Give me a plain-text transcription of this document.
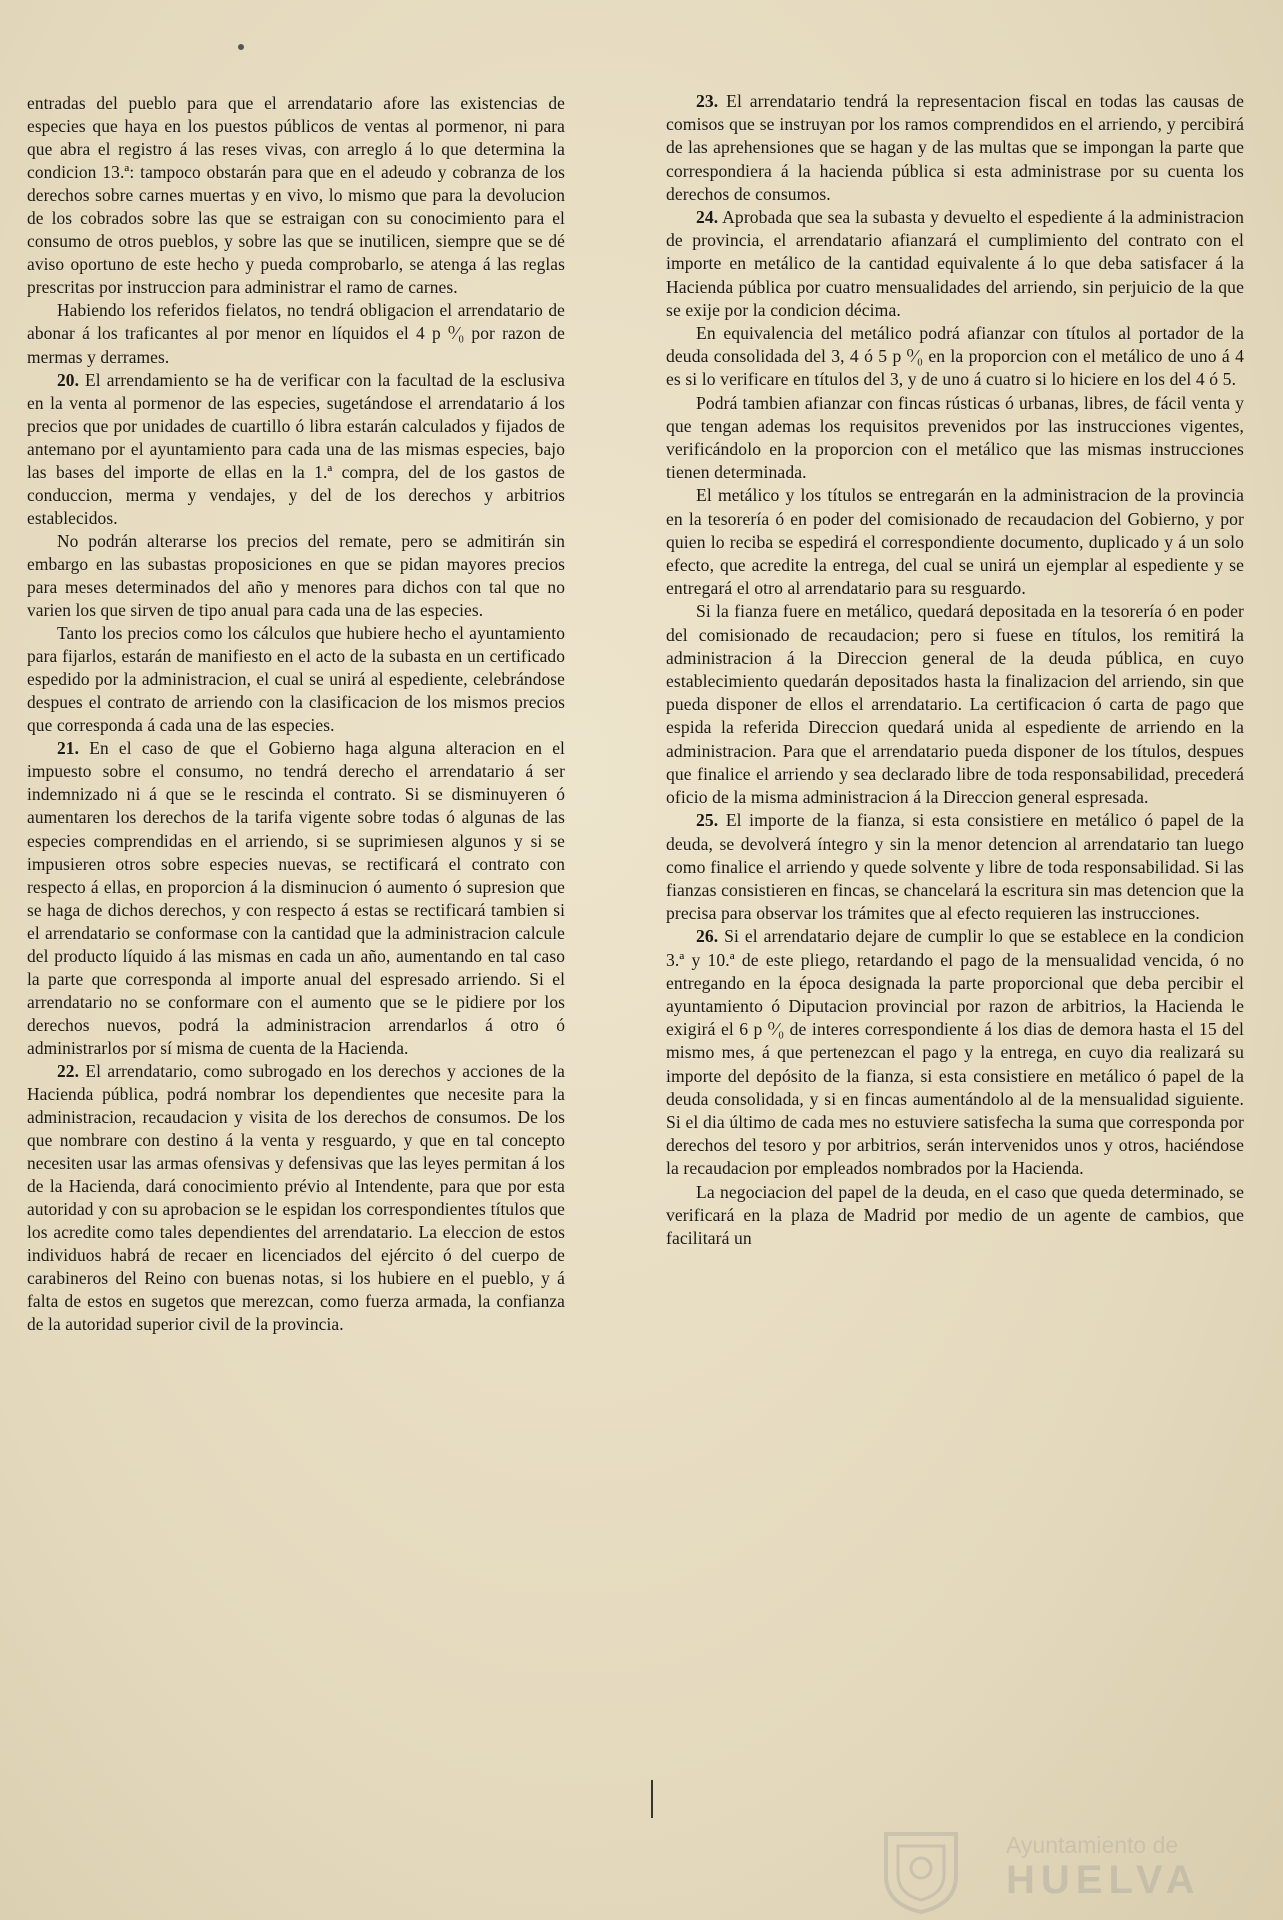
entradas del pueblo para que el arrendatario afore las existencias de especies que haya en los puestos públicos de ventas al pormenor, ni para que abra el registro á las reses vivas, con arreglo á lo que determina la condicion 13.ª: tampoco obstarán para que en el adeudo y cobranza de los derechos sobre carnes muertas y en vivo, lo mismo que para la devolucion de los cobrados sobre las que se estraigan con su conocimiento para el consumo de otros pueblos, y sobre las que se inutilicen, siempre que se dé aviso oportuno de este hecho y pueda comprobarlo, se atenga á las reglas prescritas por instruccion para administrar el ramo de carnes.

Habiendo los referidos fielatos, no tendrá obligacion el arrendatario de abonar á los traficantes al por menor en líquidos el 4 p ⁰⁄₀ por razon de mermas y derrames.

20. El arrendamiento se ha de verificar con la facultad de la esclusiva en la venta al pormenor de las especies, sugetándose el arrendatario á los precios que por unidades de cuartillo ó libra estarán calculados y fijados de antemano por el ayuntamiento para cada una de las mismas especies, bajo las bases del importe de ellas en la 1.ª compra, del de los gastos de conduccion, merma y vendajes, y del de los derechos y arbitrios establecidos.

No podrán alterarse los precios del remate, pero se admitirán sin embargo en las subastas proposiciones en que se pidan mayores precios para meses determinados del año y menores para dichos con tal que no varien los que sirven de tipo anual para cada una de las especies.

Tanto los precios como los cálculos que hubiere hecho el ayuntamiento para fijarlos, estarán de manifiesto en el acto de la subasta en un certificado espedido por la administracion, el cual se unirá al espediente, celebrándose despues el contrato de arriendo con la clasificacion de los mismos precios que corresponda á cada una de las especies.

21. En el caso de que el Gobierno haga alguna alteracion en el impuesto sobre el consumo, no tendrá derecho el arrendatario á ser indemnizado ni á que se le rescinda el contrato. Si se disminuyeren ó aumentaren los derechos de la tarifa vigente sobre todas ó algunas de las especies comprendidas en el arriendo, si se suprimiesen algunos y si se impusieren otros sobre especies nuevas, se rectificará el contrato con respecto á ellas, en proporcion á la disminucion ó aumento ó supresion que se haga de dichos derechos, y con respecto á estas se rectificará tambien si el arrendatario se conformase con la cantidad que la administracion calcule del producto líquido á las mismas en cada un año, aumentando en tal caso la parte que corresponda al importe anual del espresado arriendo. Si el arrendatario no se conformare con el aumento que se le pidiere por los derechos nuevos, podrá la administracion arrendarlos á otro ó administrarlos por sí misma de cuenta de la Hacienda.

22. El arrendatario, como subrogado en los derechos y acciones de la Hacienda pública, podrá nombrar los dependientes que necesite para la administracion, recaudacion y visita de los derechos de consumos. De los que nombrare con destino á la venta y resguardo, y que en tal concepto necesiten usar las armas ofensivas y defensivas que las leyes permitan á los de la Hacienda, dará conocimiento prévio al Intendente, para que por esta autoridad y con su aprobacion se le espidan los correspondientes títulos que los acredite como tales dependientes del arrendatario. La eleccion de estos individuos habrá de recaer en licenciados del ejército ó del cuerpo de carabineros del Reino con buenas notas, si los hubiere en el pueblo, y á falta de estos en sugetos que merezcan, como fuerza armada, la confianza de la autoridad superior civil de la provincia.

23. El arrendatario tendrá la representacion fiscal en todas las causas de comisos que se instruyan por los ramos comprendidos en el arriendo, y percibirá de las aprehensiones que se hagan y de las multas que se impongan la parte que correspondiera á la hacienda pública si esta administrase por su cuenta los derechos de consumos.

24. Aprobada que sea la subasta y devuelto el espediente á la administracion de provincia, el arrendatario afianzará el cumplimiento del contrato con el importe en metálico de la cantidad equivalente á lo que deba satisfacer á la Hacienda pública por cuatro mensualidades del arriendo, sin perjuicio de la que se exije por la condicion décima.

En equivalencia del metálico podrá afianzar con títulos al portador de la deuda consolidada del 3, 4 ó 5 p ⁰⁄₀ en la proporcion con el metálico de uno á 4 es si lo verificare en títulos del 3, y de uno á cuatro si lo hiciere en los del 4 ó 5.

Podrá tambien afianzar con fincas rústicas ó urbanas, libres, de fácil venta y que tengan ademas los requisitos prevenidos por las instrucciones vigentes, verificándolo en la proporcion con el metálico que las mismas instrucciones tienen determinada.

El metálico y los títulos se entregarán en la administracion de la provincia en la tesorería ó en poder del comisionado de recaudacion del Gobierno, y por quien lo reciba se espedirá el correspondiente documento, duplicado y á un solo efecto, que acredite la entrega, del cual se unirá un ejemplar al espediente y se entregará el otro al arrendatario para su resguardo.

Si la fianza fuere en metálico, quedará depositada en la tesorería ó en poder del comisionado de recaudacion; pero si fuese en títulos, los remitirá la administracion á la Direccion general de la deuda pública, en cuyo establecimiento quedarán depositados hasta la finalizacion del arriendo, sin que pueda disponer de ellos el arrendatario. La certificacion ó carta de pago que espida la referida Direccion quedará unida al espediente de arriendo en la administracion. Para que el arrendatario pueda disponer de los títulos, despues que finalice el arriendo y sea declarado libre de toda responsabilidad, precederá oficio de la misma administracion á la Direccion general espresada.

25. El importe de la fianza, si esta consistiere en metálico ó papel de la deuda, se devolverá íntegro y sin la menor detencion al arrendatario tan luego como finalice el arriendo y quede solvente y libre de toda responsabilidad. Si las fianzas consistieren en fincas, se chancelará la escritura sin mas detencion que la precisa para observar los trámites que al efecto requieren las instrucciones.

26. Si el arrendatario dejare de cumplir lo que se establece en la condicion 3.ª y 10.ª de este pliego, retardando el pago de la mensualidad vencida, ó no entregando en la época designada la parte proporcional que deba percibir el ayuntamiento ó Diputacion provincial por razon de arbitrios, la Hacienda le exigirá el 6 p ⁰⁄₀ de interes correspondiente á los dias de demora hasta el 15 del mismo mes, á que pertenezcan el pago y la entrega, en cuyo dia realizará su importe del depósito de la fianza, si esta consistiere en metálico ó papel de la deuda consolidada, y si en fincas aumentándolo al de la mensualidad siguiente. Si el dia último de cada mes no estuviere satisfecha la suma que corresponda por derechos del tesoro y por arbitrios, serán intervenidos unos y otros, haciéndose la recaudacion por empleados nombrados por la Hacienda.

La negociacion del papel de la deuda, en el caso que queda determinado, se verificará en la plaza de Madrid por medio de un agente de cambios, que facilitará un

Ayuntamiento de
HUELVA
